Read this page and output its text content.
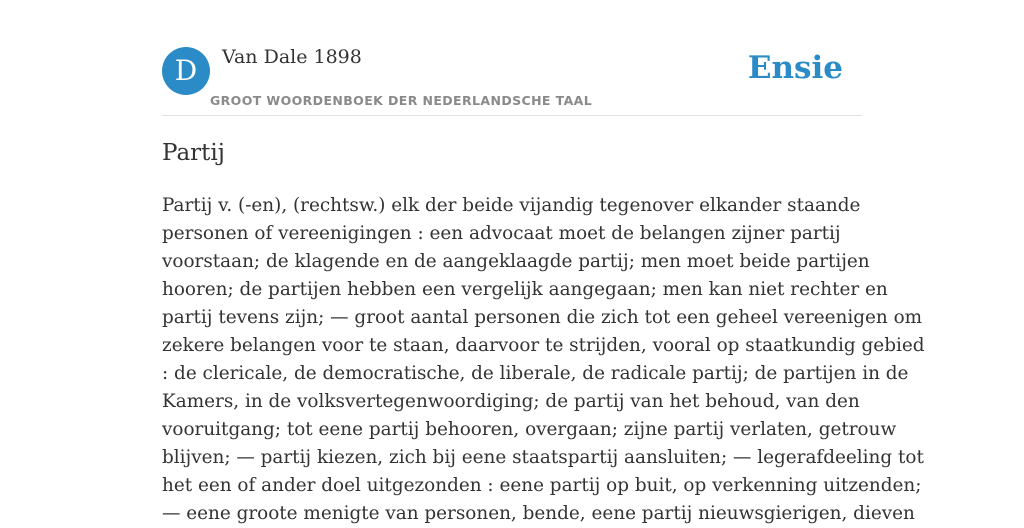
D	Van Dale 1898
GROOT WOORDENBOEK DER NEDERLANDSCHE TAAL
Ensie
Partij

Partij v. (-en), (rechtsw.) elk der beide vijandig tegenover elkander staande
personen of vereenigingen : een advocaat moet de belangen zijner partij
voorstaan; de klagende en de aangeklaagde partij; men moet beide partijen
hooren; de partijen hebben een vergelijk aangegaan; men kan niet rechter en
partij tevens zijn; — groot aantal personen die zich tot een geheel vereenigen om
zekere belangen voor te staan, daarvoor te strijden, vooral op staatkundig gebied
: de clericale, de democratische, de liberale, de radicale partij; de partijen in de
Kamers, in de volksvertegenwoordiging; de partij van het behoud, van den
vooruitgang; tot eene partij behooren, overgaan; zijne partij verlaten, getrouw
blijven; — partij kiezen, zich bij eene staatspartij aansluiten; — legerafdeeling tot
het een of ander doel uitgezonden : eene partij op buit, op verkenning uitzenden;
— eene groote menigte van personen, bende, eene partij nieuwsgierigen, dieven
